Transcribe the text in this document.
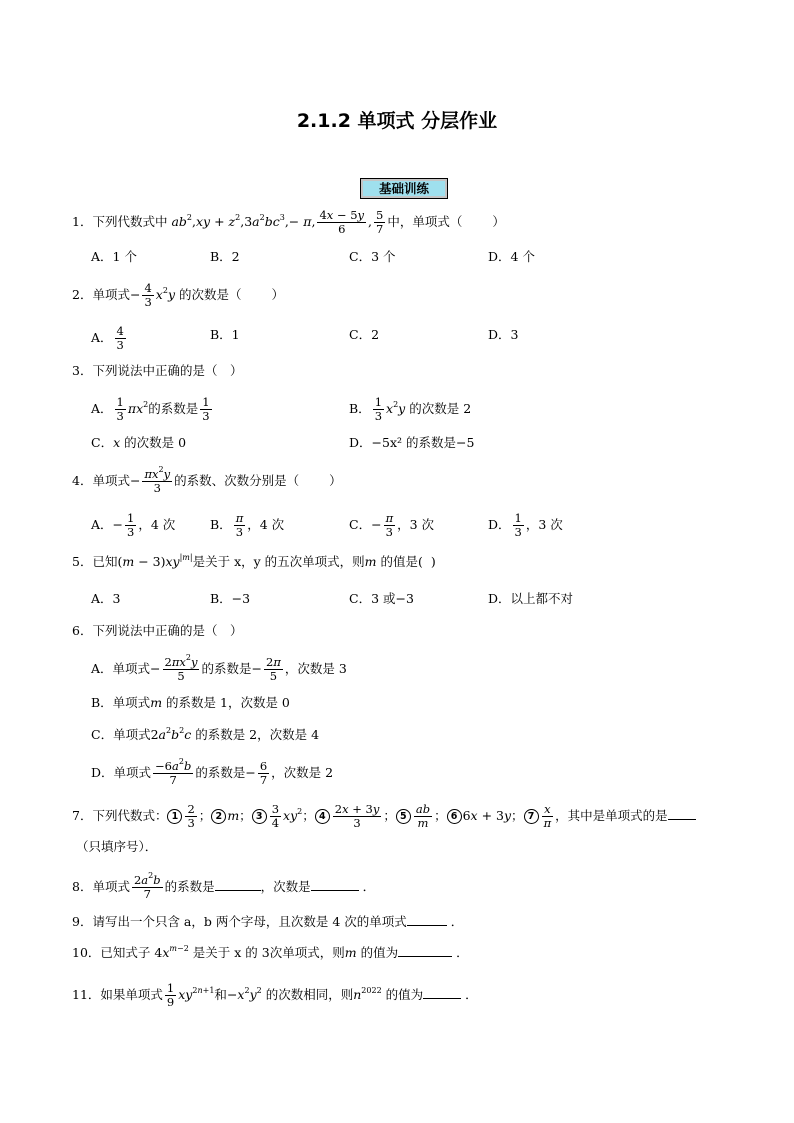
2.1.2 单项式 分层作业
基础训练
1．下列代数式中 $ab^2,xy + z^2,3a^2bc^3,- \pi$, $\frac{4x - 5y}{6}$ , $\frac{5}{7}$ 中，单项式（ ）
A．1 个	B．2	C．3 个	D．4 个
2．单项式− $\frac{4}{3} x^2y$ 的次数是（ ）
A． $\frac{4}{3}$	B．1	C．2	D．3
3．下列说法中正确的是（　）
A． $\frac{1}{3} \pi x^2$的系数是 $\frac{1}{3}$	B． $\frac{1}{3} x^2y$ 的次数是 2
C．x 的次数是 0	D．−5x² 的系数是−5
4．单项式− $\frac{\pi x^2y}{3}$ 的系数、次数分别是（ ）
A．− $\frac{1}{3}$ ，4 次	B． $\frac{\pi}{3}$ ，4 次	C．− $\frac{\pi}{3}$ ，3 次	D． $\frac{1}{3}$ ，3 次
5．已知$(m - 3)xy^{|m|}$是关于 x，y 的五次单项式，则m 的值是( )
A．3	B．−3	C．3 或−3	D．以上都不对
6．下列说法中正确的是（　）
A．单项式− $\frac{2\pi x^2y}{5}$ 的系数是− $\frac{2\pi}{5}$ ，次数是 3
B．单项式m 的系数是 1，次数是 0
C．单项式$2a^2b^2c$ 的系数是 2，次数是 4
D．单项式 $\frac{-6a^2b}{7}$ 的系数是− $\frac{6}{7}$ ，次数是 2
7．下列代数式： $1 \frac{2}{3}$ ； 2 m； $3 \frac{3}{4} xy^2$； $4 \frac{2x + 3y}{3}$ ； $5 \frac{ab}{m}$ ； 6 6x + 3y； $7 \frac{x}{\pi}$ ，其中是单项式的是
（只填序号）．
8．单项式 $\frac{2a^2b}{7}$ 的系数是	，次数是	．
9．请写出一个只含 a，b 两个字母，且次数是 4 次的单项式	．
10．已知式子 $4x^{m-2}$ 是关于 x 的 3次单项式，则m 的值为	．
11．如果单项式 $\frac{1}{9} xy^{2n+1}$和$-x^2y^2$ 的次数相同，则$n^{2022}$ 的值为	．
